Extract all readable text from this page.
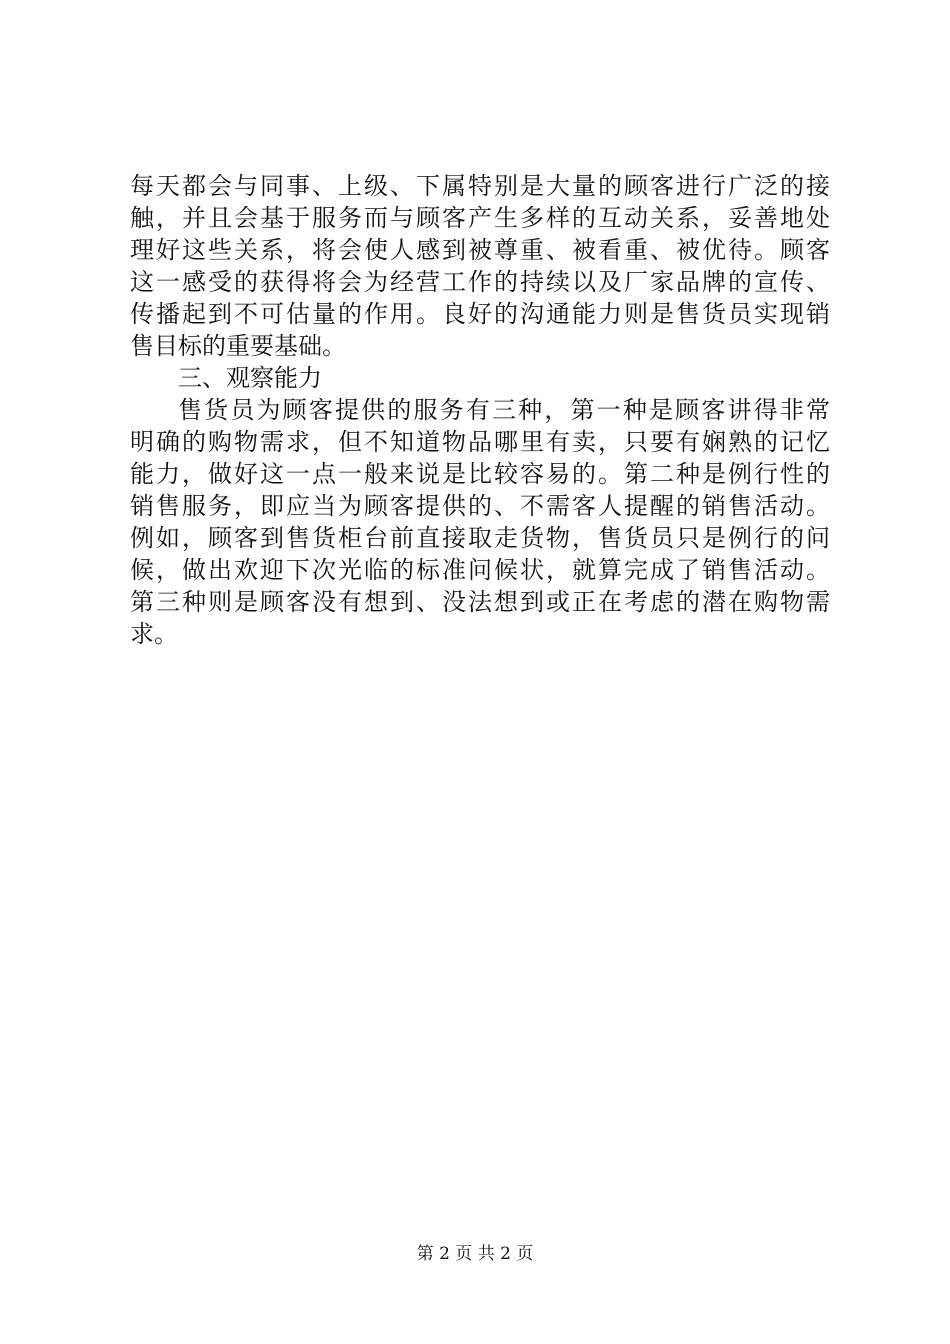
每天都会与同事、上级、下属特别是大量的顾客进行广泛的接
触，并且会基于服务而与顾客产生多样的互动关系，妥善地处
理好这些关系，将会使人感到被尊重、被看重、被优待。顾客
这一感受的获得将会为经营工作的持续以及厂家品牌的宣传、
传播起到不可估量的作用。良好的沟通能力则是售货员实现销
售目标的重要基础。
三、观察能力
售货员为顾客提供的服务有三种，第一种是顾客讲得非常
明确的购物需求，但不知道物品哪里有卖，只要有娴熟的记忆
能力，做好这一点一般来说是比较容易的。第二种是例行性的
销售服务，即应当为顾客提供的、不需客人提醒的销售活动。
例如，顾客到售货柜台前直接取走货物，售货员只是例行的问
候，做出欢迎下次光临的标准问候状，就算完成了销售活动。
第三种则是顾客没有想到、没法想到或正在考虑的潜在购物需
求。
第 2 页 共 2 页
